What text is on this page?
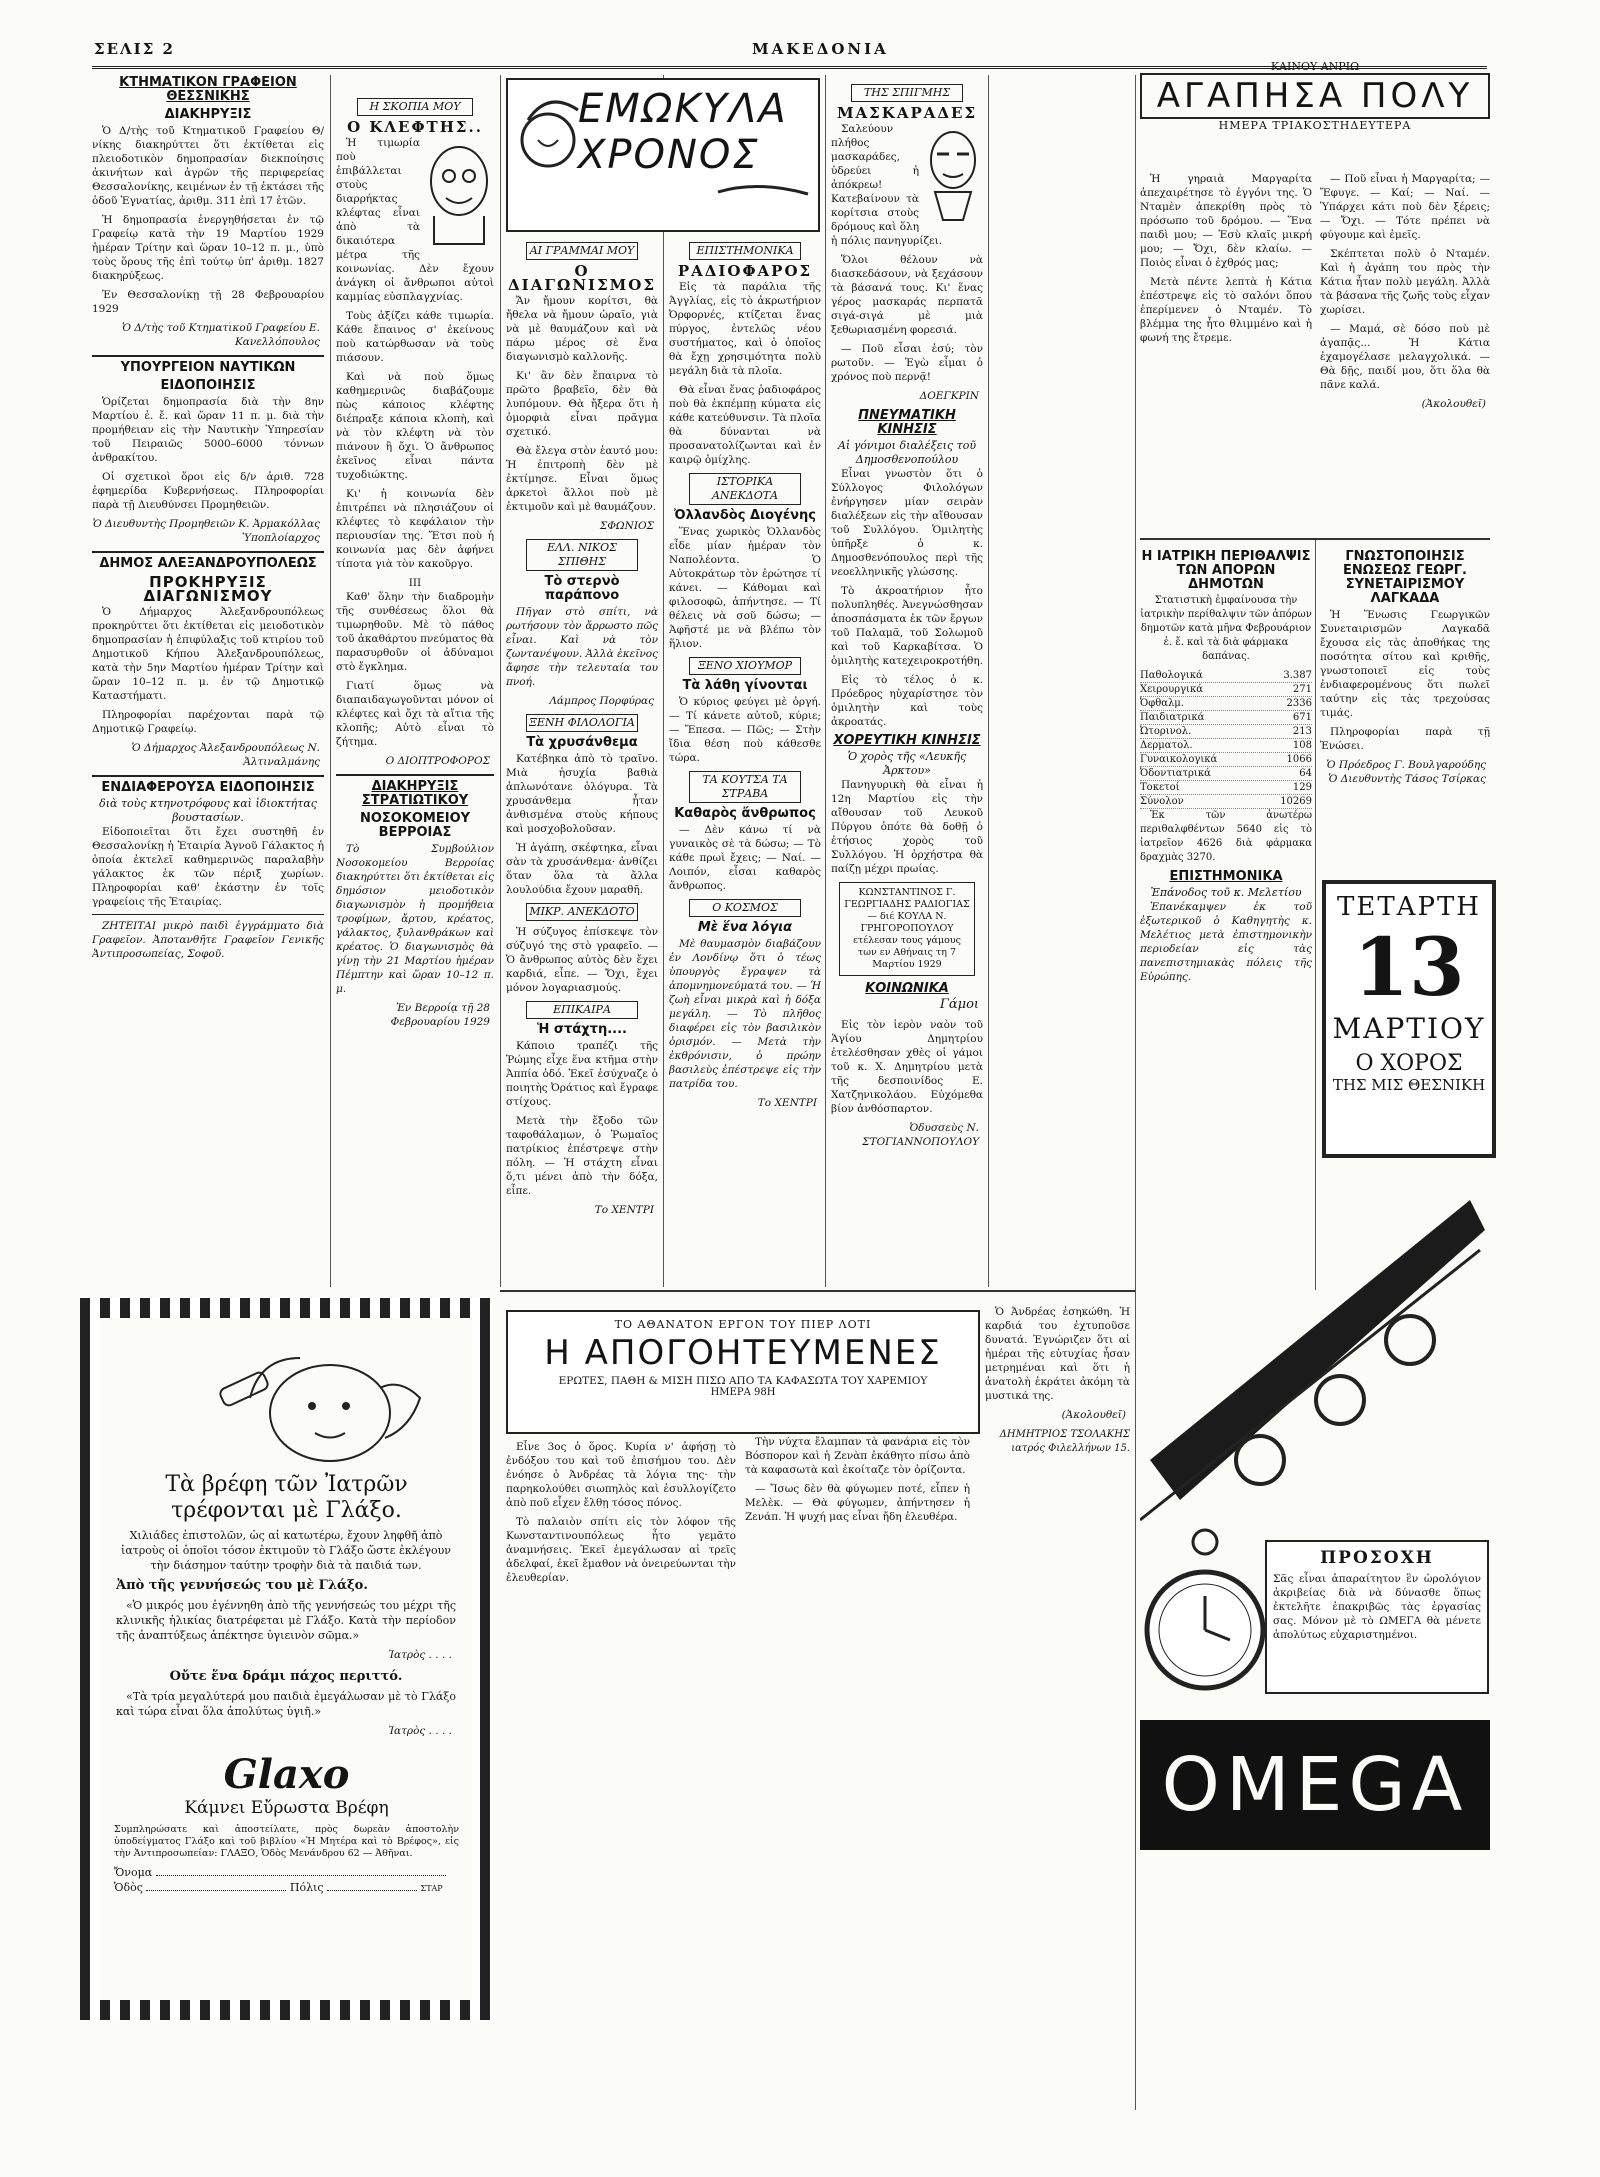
ΣΕΛΙΣ 2	ΜΑΚΕΔΟΝΙΑ
ΚΤΗΜΑΤΙΚΟΝ ΓΡΑΦΕΙΟΝ ΘΕΣΣΝΙΚΗΣ
ΔΙΑΚΗΡΥΞΙΣ

Ὁ Δ/τὴς τοῦ Κτηματικοῦ Γραφείου Θ/νίκης διακηρύττει ὅτι ἐκτίθεται εἰς πλειοδοτικὸν δημοπρασίαν διεκποίησις ἀκινήτων καὶ ἀγρῶν τῆς περιφερείας Θεσσαλονίκης, κειμένων ἐν τῇ ἐκτάσει τῆς ὁδοῦ Ἐγνατίας, ἀριθμ. 311 ἐπὶ 17 ἐτῶν.

Ἡ δημοπρασία ἐνεργηθήσεται ἐν τῷ Γραφείῳ κατὰ τὴν 19 Μαρτίου 1929 ἡμέραν Τρίτην καὶ ὥραν 10–12 π. μ., ὑπὸ τοὺς ὅρους τῆς ἐπὶ τούτῳ ὑπ' ἀριθμ. 1827 διακηρύξεως.

Ἐν Θεσσαλονίκῃ τῇ 28 Φεβρουαρίου 1929

Ὁ Δ/τὴς τοῦ Κτηματικοῦ Γραφείου Ε. Κανελλόπουλος
ΥΠΟΥΡΓΕΙΟΝ ΝΑΥΤΙΚΩΝ
ΕΙΔΟΠΟΙΗΣΙΣ

Ὁρίζεται δημοπρασία διὰ τὴν 8ην Μαρτίου ἐ. ἔ. καὶ ὥραν 11 π. μ. διὰ τὴν προμήθειαν εἰς τὴν Ναυτικὴν Ὑπηρεσίαν τοῦ Πειραιῶς 5000–6000 τόννων ἀνθρακίτου.

Οἱ σχετικοὶ ὅροι εἰς δ/ν ἀριθ. 728 ἐφημερίδα Κυβερνήσεως. Πληροφορίαι παρὰ τῇ Διευθύνσει Προμηθειῶν.

Ὁ Διευθυντὴς Προμηθειῶν Κ. Ἀρμακόλλας Ὑποπλοίαρχος
ΔΗΜΟΣ ΑΛΕΞΑΝΔΡΟΥΠΟΛΕΩΣ
ΠΡΟΚΗΡΥΞΙΣ ΔΙΑΓΩΝΙΣΜΟΥ

Ὁ Δήμαρχος Ἀλεξανδρουπόλεως προκηρύττει ὅτι ἐκτίθεται εἰς μειοδοτικὸν δημοπρασίαν ἡ ἐπιφύλαξις τοῦ κτιρίου τοῦ Δημοτικοῦ Κήπου Ἀλεξανδρουπόλεως, κατὰ τὴν 5ην Μαρτίου ἡμέραν Τρίτην καὶ ὥραν 10–12 π. μ. ἐν τῷ Δημοτικῷ Καταστήματι.

Πληροφορίαι παρέχονται παρὰ τῷ Δημοτικῷ Γραφείῳ.

Ὁ Δήμαρχος Ἀλεξανδρουπόλεως Ν. Ἀλτιναλμάνης
ΕΝΔΙΑΦΕΡΟΥΣΑ ΕΙΔΟΠΟΙΗΣΙΣ
διὰ τοὺς κτηνοτρόφους καὶ ἰδιοκτήτας βουστασίων.

Εἰδοποιεῖται ὅτι ἔχει συστηθῆ ἐν Θεσσαλονίκῃ ἡ Ἑταιρία Ἀγνοῦ Γάλακτος ἡ ὁποία ἐκτελεῖ καθημερινῶς παραλαβὴν γάλακτος ἐκ τῶν πέριξ χωρίων. Πληροφορίαι καθ' ἑκάστην ἐν τοῖς γραφείοις τῆς Ἑταιρίας.

ΖΗΤΕΙΤΑΙ μικρὸ παιδὶ ἐγγράμματο διὰ Γραφεῖον. Ἀποτανθῆτε Γραφεῖον Γενικῆς Ἀντιπροσωπείας, Σοφοῦ.

Τὰ βρέφη τῶν Ἰατρῶν τρέφονται μὲ Γλάξο.

Χιλιάδες ἐπιστολῶν, ὡς αἱ κατωτέρω, ἔχουν ληφθῆ ἀπὸ ἰατροὺς οἱ ὁποῖοι τόσον ἐκτιμοῦν τὸ Γλάξο ὥστε ἐκλέγουν τὴν διάσημον ταύτην τροφὴν διὰ τὰ παιδιά των.

Ἀπὸ τῆς γεννήσεώς του μὲ Γλάξο.

«Ὁ μικρός μου ἐγέννηθη ἀπὸ τῆς γεννήσεώς του μέχρι τῆς κλινικῆς ἡλικίας διατρέφεται μὲ Γλάξο. Κατὰ τὴν περίοδον τῆς ἀναπτύξεως ἀπέκτησε ὑγιεινὸν σῶμα.»

Ἰατρὸς . . . .

Οὔτε ἕνα δράμι πάχος περιττό.

«Τὰ τρία μεγαλύτερά μου παιδιὰ ἐμεγάλωσαν μὲ τὸ Γλάξο καὶ τώρα εἶναι ὅλα ἀπολύτως ὑγιῆ.»

Ἰατρὸς . . . .
Glaxo
Κάμνει Εὔρωστα Βρέφη
Συμπληρώσατε καὶ ἀποστείλατε, πρὸς δωρεὰν ἀποστολὴν ὑποδείγματος Γλάξο καὶ τοῦ βιβλίου «Ἡ Μητέρα καὶ τὸ Βρέφος», εἰς τὴν Ἀντιπροσωπείαν: ΓΛΑΞΟ, Ὁδὸς Μενάνδρου 62 — Ἀθῆναι.
Ὄνομα
Ὁδὸς	Πόλις	ΣΤΑΡ
Η ΣΚΟΠΙΑ ΜΟΥ
Ο ΚΛΕΦΤΗΣ..

Ἡ τιμωρία ποὺ ἐπιβάλλεται στοὺς διαρρήκτας κλέφτας εἶναι ἀπὸ τὰ δικαιότερα μέτρα τῆς κοινωνίας. Δὲν ἔχουν ἀνάγκη οἱ ἄνθρωποι αὐτοὶ καμμίας εὐσπλαγχνίας.

Τοὺς ἀξίζει κάθε τιμωρία. Κάθε ἔπαινος σ' ἐκείνους ποὺ κατώρθωσαν νὰ τοὺς πιάσουν.

Καὶ νὰ ποὺ ὅμως καθημερινῶς διαβάζουμε πὼς κάποιος κλέφτης διέπραξε κάποια κλοπὴ, καὶ νὰ τὸν κλέφτη νὰ τὸν πιάνουν ἢ ὄχι. Ὁ ἄνθρωπος ἐκεῖνος εἶναι πάντα τυχοδιώκτης.

Κι' ἡ κοινωνία δὲν ἐπιτρέπει νὰ πλησιάζουν οἱ κλέφτες τὸ κεφάλαιον τὴν περιουσίαν της. Ἔτσι ποὺ ἡ κοινωνία μας δὲν ἀφήνει τίποτα γιὰ τὸν κακοῦργο.

III

Καθ' ὅλην τὴν διαδρομὴν τῆς συνθέσεως ὅλοι θὰ τιμωρηθοῦν. Μὲ τὸ πάθος τοῦ ἀκαθάρτου πνεύματος θὰ παρασυρθοῦν οἱ ἀδύναμοι στὸ ἔγκλημα.

Γιατί ὅμως νὰ διαπαιδαγωγοῦνται μόνον οἱ κλέφτες καὶ ὄχι τὰ αἴτια τῆς κλοπῆς; Αὐτὸ εἶναι τὸ ζήτημα.

Ο ΔΙΟΠΤΡΟΦΟΡΟΣ
ΔΙΑΚΗΡΥΞΙΣ ΣΤΡΑΤΙΩΤΙΚΟΥ
ΝΟΣΟΚΟΜΕΙΟΥ ΒΕΡΡΟΙΑΣ

Τὸ Συμβούλιον Νοσοκομείου Βερροίας διακηρύττει ὅτι ἐκτίθεται εἰς δημόσιον μειοδοτικὸν διαγωνισμὸν ἡ προμήθεια τροφίμων, ἄρτου, κρέατος, γάλακτος, ξυλανθράκων καὶ κρέατος. Ὁ διαγωνισμὸς θὰ γίνῃ τὴν 21 Μαρτίου ἡμέραν Πέμπτην καὶ ὥραν 10–12 π. μ.

Ἐν Βερροίᾳ τῇ 28 Φεβρουαρίου 1929
ΕΜΩΚΥΛΑ ΧΡΟΝΟΣ
ΑΙ ΓΡΑΜΜΑΙ ΜΟΥ
Ο ΔΙΑΓΩΝΙΣΜΟΣ

Ἄν ἤμουν κορίτσι, θὰ ἤθελα νὰ ἤμουν ὡραῖο, γιὰ νὰ μὲ θαυμάζουν καὶ νὰ πάρω μέρος σὲ ἕνα διαγωνισμὸ καλλονῆς.

Κι' ἂν δὲν ἔπαιρνα τὸ πρῶτο βραβεῖο, δὲν θὰ λυπόμουν. Θὰ ἤξερα ὅτι ἡ ὀμορφιὰ εἶναι πρᾶγμα σχετικό.

Θὰ ἔλεγα στὸν ἑαυτό μου: Ἡ ἐπιτροπὴ δὲν μὲ ἐκτίμησε. Εἶναι ὅμως ἀρκετοὶ ἄλλοι ποὺ μὲ ἐκτιμοῦν καὶ μὲ θαυμάζουν.

ΣΦΩΝΙΟΣ
ΕΛΛ. ΝΙΚΟΣ ΣΠΙΘΗΣ
Τὸ στερνὸ παράπονο

Πῆγαν στὸ σπίτι, νὰ ρωτήσουν τὸν ἄρρωστο πῶς εἶναι. Καὶ νὰ τὸν ζωντανέψουν. Ἀλλὰ ἐκεῖνος ἄφησε τὴν τελευταία του πνοή.

Λάμπρος Πορφύρας
ΞΕΝΗ ΦΙΛΟΛΟΓΙΑ
Τὰ χρυσάνθεμα

Κατέβηκα ἀπὸ τὸ τραῖνο. Μιὰ ἡσυχία βαθιὰ ἁπλωνότανε ὁλόγυρα. Τὰ χρυσάνθεμα ἦταν ἀνθισμένα στοὺς κήπους καὶ μοσχοβολοῦσαν.

Ἡ ἀγάπη, σκέφτηκα, εἶναι σὰν τὰ χρυσάνθεμα· ἀνθίζει ὅταν ὅλα τὰ ἄλλα λουλούδια ἔχουν μαραθῆ.

ΜΙΚΡ. ΑΝΕΚΔΟΤΟ

Ἡ σύζυγος ἐπίσκεψε τὸν σύζυγό της στὸ γραφεῖο. — Ὁ ἄνθρωπος αὐτὸς δὲν ἔχει καρδιά, εἶπε. — Ὄχι, ἔχει μόνον λογαριασμούς.

ΕΠΙΚΑΙΡΑ
Ἡ στάχτη....

Κάποιο τραπέζι τῆς Ῥώμης εἶχε ἕνα κτῆμα στὴν Ἀππία ὁδό. Ἐκεῖ ἐσύχναζε ὁ ποιητὴς Ὀράτιος καὶ ἔγραφε στίχους.

Μετὰ τὴν ἔξοδο τῶν ταφοθάλαμων, ὁ Ῥωμαῖος πατρίκιος ἐπέστρεψε στὴν πόλη. — Ἡ στάχτη εἶναι ὅ,τι μένει ἀπὸ τὴν δόξα, εἶπε.

Το ΧΕΝΤΡΙ
ΕΠΙΣΤΗΜΟΝΙΚΑ
ΡΑΔΙΟΦΑΡΟΣ

Εἰς τὰ παράλια τῆς Ἀγγλίας, εἰς τὸ ἀκρωτήριον Ὀρφορνές, κτίζεται ἕνας πύργος, ἐντελῶς νέου συστήματος, καὶ ὁ ὁποῖος θὰ ἔχῃ χρησιμότητα πολὺ μεγάλη διὰ τὰ πλοῖα.

Θὰ εἶναι ἕνας ῥαδιοφάρος ποὺ θὰ ἐκπέμπῃ κύματα εἰς κάθε κατεύθυνσιν. Τὰ πλοῖα θὰ δύνανται νὰ προσανατολίζωνται καὶ ἐν καιρῷ ὁμίχλης.

ΙΣΤΟΡΙΚΑ ΑΝΕΚΔΟΤΑ
Ὀλλανδὸς Διογένης

Ἕνας χωρικὸς Ὀλλανδὸς εἶδε μίαν ἡμέραν τὸν Ναπολέοντα. Ὁ Αὐτοκράτωρ τὸν ἐρώτησε τί κάνει. — Κάθομαι καὶ φιλοσοφῶ, ἀπήντησε. — Τί θέλεις νὰ σοῦ δώσω; — Ἀφῆστέ με νὰ βλέπω τὸν ἥλιον.

ΞΕΝΟ ΧΙΟΥΜΟΡ
Τὰ λάθη γίνονται

Ὁ κύριος φεύγει μὲ ὀργή. — Τί κάνετε αὐτοῦ, κύριε; — Ἔπεσα. — Πῶς; — Στὴν ἴδια θέση ποὺ κάθεσθε τώρα.

ΤΑ ΚΟΥΤΣΑ ΤΑ ΣΤΡΑΒΑ
Καθαρὸς ἄνθρωπος

— Δὲν κάνω τί νὰ γυναικὸς σὲ τὰ δώσω; — Τὸ κάθε πρωὶ ἔχεις; — Ναί. — Λοιπόν, εἶσαι καθαρὸς ἄνθρωπος.

Ο ΚΟΣΜΟΣ
Μὲ ἕνα λόγια

Μὲ θαυμασμὸν διαβάζουν ἐν Λονδίνῳ ὅτι ὁ τέως ὑπουργὸς ἔγραψεν τὰ ἀπομνημονεύματά του. — Ἡ ζωὴ εἶναι μικρὰ καὶ ἡ δόξα μεγάλη. — Τὸ πλῆθος διαφέρει εἰς τὸν βασιλικὸν ὁρισμόν. — Μετὰ τὴν ἐκθρόνισιν, ὁ πρώην βασιλεὺς ἐπέστρεψε εἰς τὴν πατρίδα του.

Το ΧΕΝΤΡΙ
ΤΗΣ ΣΠΙΓΜΗΣ
ΜΑΣΚΑΡΑΔΕΣ

Σαλεύουν πλήθος μασκαράδες, ὑδρεύει ἡ ἀπόκρεω! Κατεβαίνουν τὰ κορίτσια στοὺς δρόμους καὶ ὅλη ἡ πόλις πανηγυρίζει.

Ὅλοι θέλουν νὰ διασκεδάσουν, νὰ ξεχάσουν τὰ βάσανά τους. Κι' ἕνας γέρος μασκαράς περπατᾶ σιγά-σιγά μὲ μιὰ ξεθωριασμένη φορεσιά.

— Ποῦ εἶσαι ἐσύ; τὸν ρωτοῦν. — Ἐγὼ εἶμαι ὁ χρόνος ποὺ περνᾷ!

ΔΟΕΓΚΡΙΝ
ΠΝΕΥΜΑΤΙΚΗ ΚΙΝΗΣΙΣ
Αἱ γόνιμοι διαλέξεις τοῦ Δημοσθενοπούλου

Εἶναι γνωστὸν ὅτι ὁ Σύλλογος Φιλολόγων ἐνήργησεν μίαν σειρὰν διαλέξεων εἰς τὴν αἴθουσαν τοῦ Συλλόγου. Ὁμιλητὴς ὑπῆρξε ὁ κ. Δημοσθενόπουλος περὶ τῆς νεοελληνικῆς γλώσσης.

Τὸ ἀκροατήριον ἦτο πολυπληθές. Ἀνεγνώσθησαν ἀποσπάσματα ἐκ τῶν ἔργων τοῦ Παλαμᾶ, τοῦ Σολωμοῦ καὶ τοῦ Καρκαβίτσα. Ὁ ὁμιλητὴς κατεχειροκροτήθη.

Εἰς τὸ τέλος ὁ κ. Πρόεδρος ηὐχαρίστησε τὸν ὁμιλητὴν καὶ τοὺς ἀκροατάς.

ΧΟΡΕΥΤΙΚΗ ΚΙΝΗΣΙΣ
Ὁ χορὸς τῆς «Λευκῆς Ἀρκτου»

Πανηγυρικὴ θὰ εἶναι ἡ 12η Μαρτίου εἰς τὴν αἴθουσαν τοῦ Λευκοῦ Πύργου ὁπότε θὰ δοθῇ ὁ ἐτήσιος χορὸς τοῦ Συλλόγου. Ἡ ὀρχήστρα θὰ παίζῃ μέχρι πρωίας.

ΚΩΝΣΤΑΝΤΙΝΟΣ Γ. ΓΕΩΡΓΙΑΔΗΣ ΡΑΔΙΟΓΙΑΣ — διέ ΚΟΥΛΑ Ν. ΓΡΗΓΟΡΟΠΟΥΛΟΥ ετέλεσαν τους γάμους των εν Αθήναις τη 7 Μαρτίου 1929
ΚΟΙΝΩΝΙΚΑ
Γάμοι

Εἰς τὸν ἱερὸν ναὸν τοῦ Ἁγίου Δημητρίου ἐτελέσθησαν χθὲς οἱ γάμοι τοῦ κ. Χ. Δημητρίου μετὰ τῆς δεσποινίδος Ε. Χατζηνικολάου. Εὐχόμεθα βίον ἀνθόσπαρτον.

Ὀδυσσεὺς Ν. ΣΤΟΓΙΑΝΝΟΠΟΥΛΟΥ
ΚΑΙΝΟΥ ΑΝΡΙΩ
ΑΓΑΠΗΣΑ ΠΟΛΥ
ΗΜΕΡΑ ΤΡΙΑΚΟΣΤΗΔΕΥΤΕΡΑ

Ἡ γηραιὰ Μαργαρίτα ἀπεχαιρέτησε τὸ ἐγγόνι της. Ὁ Νταμὲν ἀπεκρίθη πρὸς τὸ πρόσωπο τοῦ δρόμου. — Ἕνα παιδὶ μου; — Ἐσὺ κλαῖς μικρή μου; — Ὄχι, δὲν κλαίω. — Ποιὸς εἶναι ὁ ἐχθρός μας;

Μετὰ πέντε λεπτὰ ἡ Κάτια ἐπέστρεψε εἰς τὸ σαλόνι ὅπου ἐπερίμενεν ὁ Νταμέν. Τὸ βλέμμα της ἦτο θλιμμένο καὶ ἡ φωνή της ἔτρεμε.

— Ποῦ εἶναι ἡ Μαργαρίτα; — Ἔφυγε. — Καί; — Ναί. — Ὑπάρχει κάτι ποὺ δὲν ξέρεις; — Ὄχι. — Τότε πρέπει νὰ φύγουμε καὶ ἐμεῖς.

Σκέπτεται πολὺ ὁ Νταμέν. Καὶ ἡ ἀγάπη του πρὸς τὴν Κάτια ἦταν πολὺ μεγάλη. Ἀλλὰ τὰ βάσανα τῆς ζωῆς τοὺς εἶχαν χωρίσει.

— Μαμά, σὲ δόσο ποὺ μὲ ἀγαπᾷς... Ἡ Κάτια ἐχαμογέλασε μελαγχολικά. — Θὰ δῇς, παιδί μου, ὅτι ὅλα θὰ πᾶνε καλά.

(Ἀκολουθεῖ)
Η ΙΑΤΡΙΚΗ ΠΕΡΙΘΑΛΨΙΣ ΤΩΝ ΑΠΟΡΩΝ ΔΗΜΟΤΩΝ

Στατιστικὴ ἐμφαίνουσα τὴν ἰατρικὴν περίθαλψιν τῶν ἀπόρων δημοτῶν κατὰ μῆνα Φεβρουάριον ἐ. ἔ. καὶ τὰ διὰ φάρμακα δαπάνας.

Παθολογικά	3.387
Χειρουργικά	271
Ὀφθαλμ.	2336
Παιδιατρικά	671
Ὠτορινολ.	213
Δερματολ.	108
Γυναικολογικά	1066
Ὀδοντιατρικά	64
Τοκετοί	129
Σύνολον	10269

Ἐκ τῶν ἀνωτέρω περιθαλφθέντων 5640 εἰς τὸ ἰατρεῖον 4626 διὰ φάρμακα δραχμὰς 3270.

ΕΠΙΣΤΗΜΟΝΙΚΑ
Ἐπάνοδος τοῦ κ. Μελετίου

Ἐπανέκαμψεν ἐκ τοῦ ἐξωτερικοῦ ὁ Καθηγητὴς κ. Μελέτιος μετὰ ἐπιστημονικὴν περιοδείαν εἰς τὰς πανεπιστημιακὰς πόλεις τῆς Εὐρώπης.

ΓΝΩΣΤΟΠΟΙΗΣΙΣ ΕΝΩΣΕΩΣ ΓΕΩΡΓ. ΣΥΝΕΤΑΙΡΙΣΜΟΥ ΛΑΓΚΑΔΑ

Ἡ Ἕνωσις Γεωργικῶν Συνεταιρισμῶν Λαγκαδᾶ ἔχουσα εἰς τὰς ἀποθήκας της ποσότητα σίτου καὶ κριθῆς, γνωστοποιεῖ εἰς τοὺς ἐνδιαφερομένους ὅτι πωλεῖ ταύτην εἰς τὰς τρεχούσας τιμάς.

Πληροφορίαι παρὰ τῇ Ἑνώσει.

Ὁ Πρόεδρος Γ. Βουλγαρούδης Ὁ Διευθυντὴς Τάσος Τσίρκας
ΤΕΤΑΡΤΗ
13
ΜΑΡΤΙΟΥ
Ο ΧΟΡΟΣ
ΤΗΣ ΜΙΣ ΘΕΣΝΙΚΗ
ΠΡΟΣΟΧΗ
Σᾶς εἶναι ἀπαραίτητον ἓν ὡρολόγιον ἀκριβείας διὰ νὰ δύνασθε ὅπως ἐκτελῆτε ἐπακριβῶς τὰς ἐργασίας σας. Μόνον μὲ τὸ ΩΜΕΓΑ θὰ μένετε ἀπολύτως εὐχαριστημένοι.
OMEGA
ΤΟ ΑΘΑΝΑΤΟΝ ΕΡΓΟΝ ΤΟΥ ΠΙΕΡ ΛΟΤΙ
Η ΑΠΟΓΟΗΤΕΥΜΕΝΕΣ
ΕΡΩΤΕΣ, ΠΑΘΗ & ΜΙΣΗ ΠΙΣΩ ΑΠΟ ΤΑ ΚΑΦΑΣΩΤΑ ΤΟΥ ΧΑΡΕΜΙΟΥ
ΗΜΕΡΑ 98Η

Εἶνε 3ος ὁ ὅρος. Κυρία ν' ἀφήσῃ τὸ ἐνδόξου του καὶ τοῦ ἐπισήμου του. Δὲν ἐνόησε ὁ Ἀνδρέας τὰ λόγια της· τὴν παρηκολούθει σιωπηλὸς καὶ ἐσυλλογίζετο ἀπὸ ποῦ εἶχεν ἔλθῃ τόσος πόνος.

Τὸ παλαιὸν σπίτι εἰς τὸν λόφον τῆς Κωνσταντινουπόλεως ἦτο γεμᾶτο ἀναμνήσεις. Ἐκεῖ ἐμεγάλωσαν αἱ τρεῖς ἀδελφαί, ἐκεῖ ἔμαθον νὰ ὀνειρεύωνται τὴν ἐλευθερίαν.

Τὴν νύχτα ἔλαμπαν τὰ φανάρια εἰς τὸν Βόσπορον καὶ ἡ Ζενὰπ ἐκάθητο πίσω ἀπὸ τὰ καφασωτὰ καὶ ἐκοίταζε τὸν ὁρίζοντα.

— Ἴσως δὲν θὰ φύγωμεν ποτέ, εἶπεν ἡ Μελὲκ. — Θὰ φύγωμεν, ἀπήντησεν ἡ Ζενάπ. Ἡ ψυχή μας εἶναι ἤδη ἐλευθέρα.

Ὁ Ἀνδρέας ἐσηκώθη. Ἡ καρδιά του ἐχτυποῦσε δυνατά. Ἐγνώριζεν ὅτι αἱ ἡμέραι τῆς εὐτυχίας ἦσαν μετρημέναι καὶ ὅτι ἡ ἀνατολὴ ἐκράτει ἀκόμη τὰ μυστικά της.

(Ἀκολουθεῖ)
ΔΗΜΗΤΡΙΟΣ ΤΣΟΛΑΚΗΣ ιατρός Φιλελλήνων 15.
